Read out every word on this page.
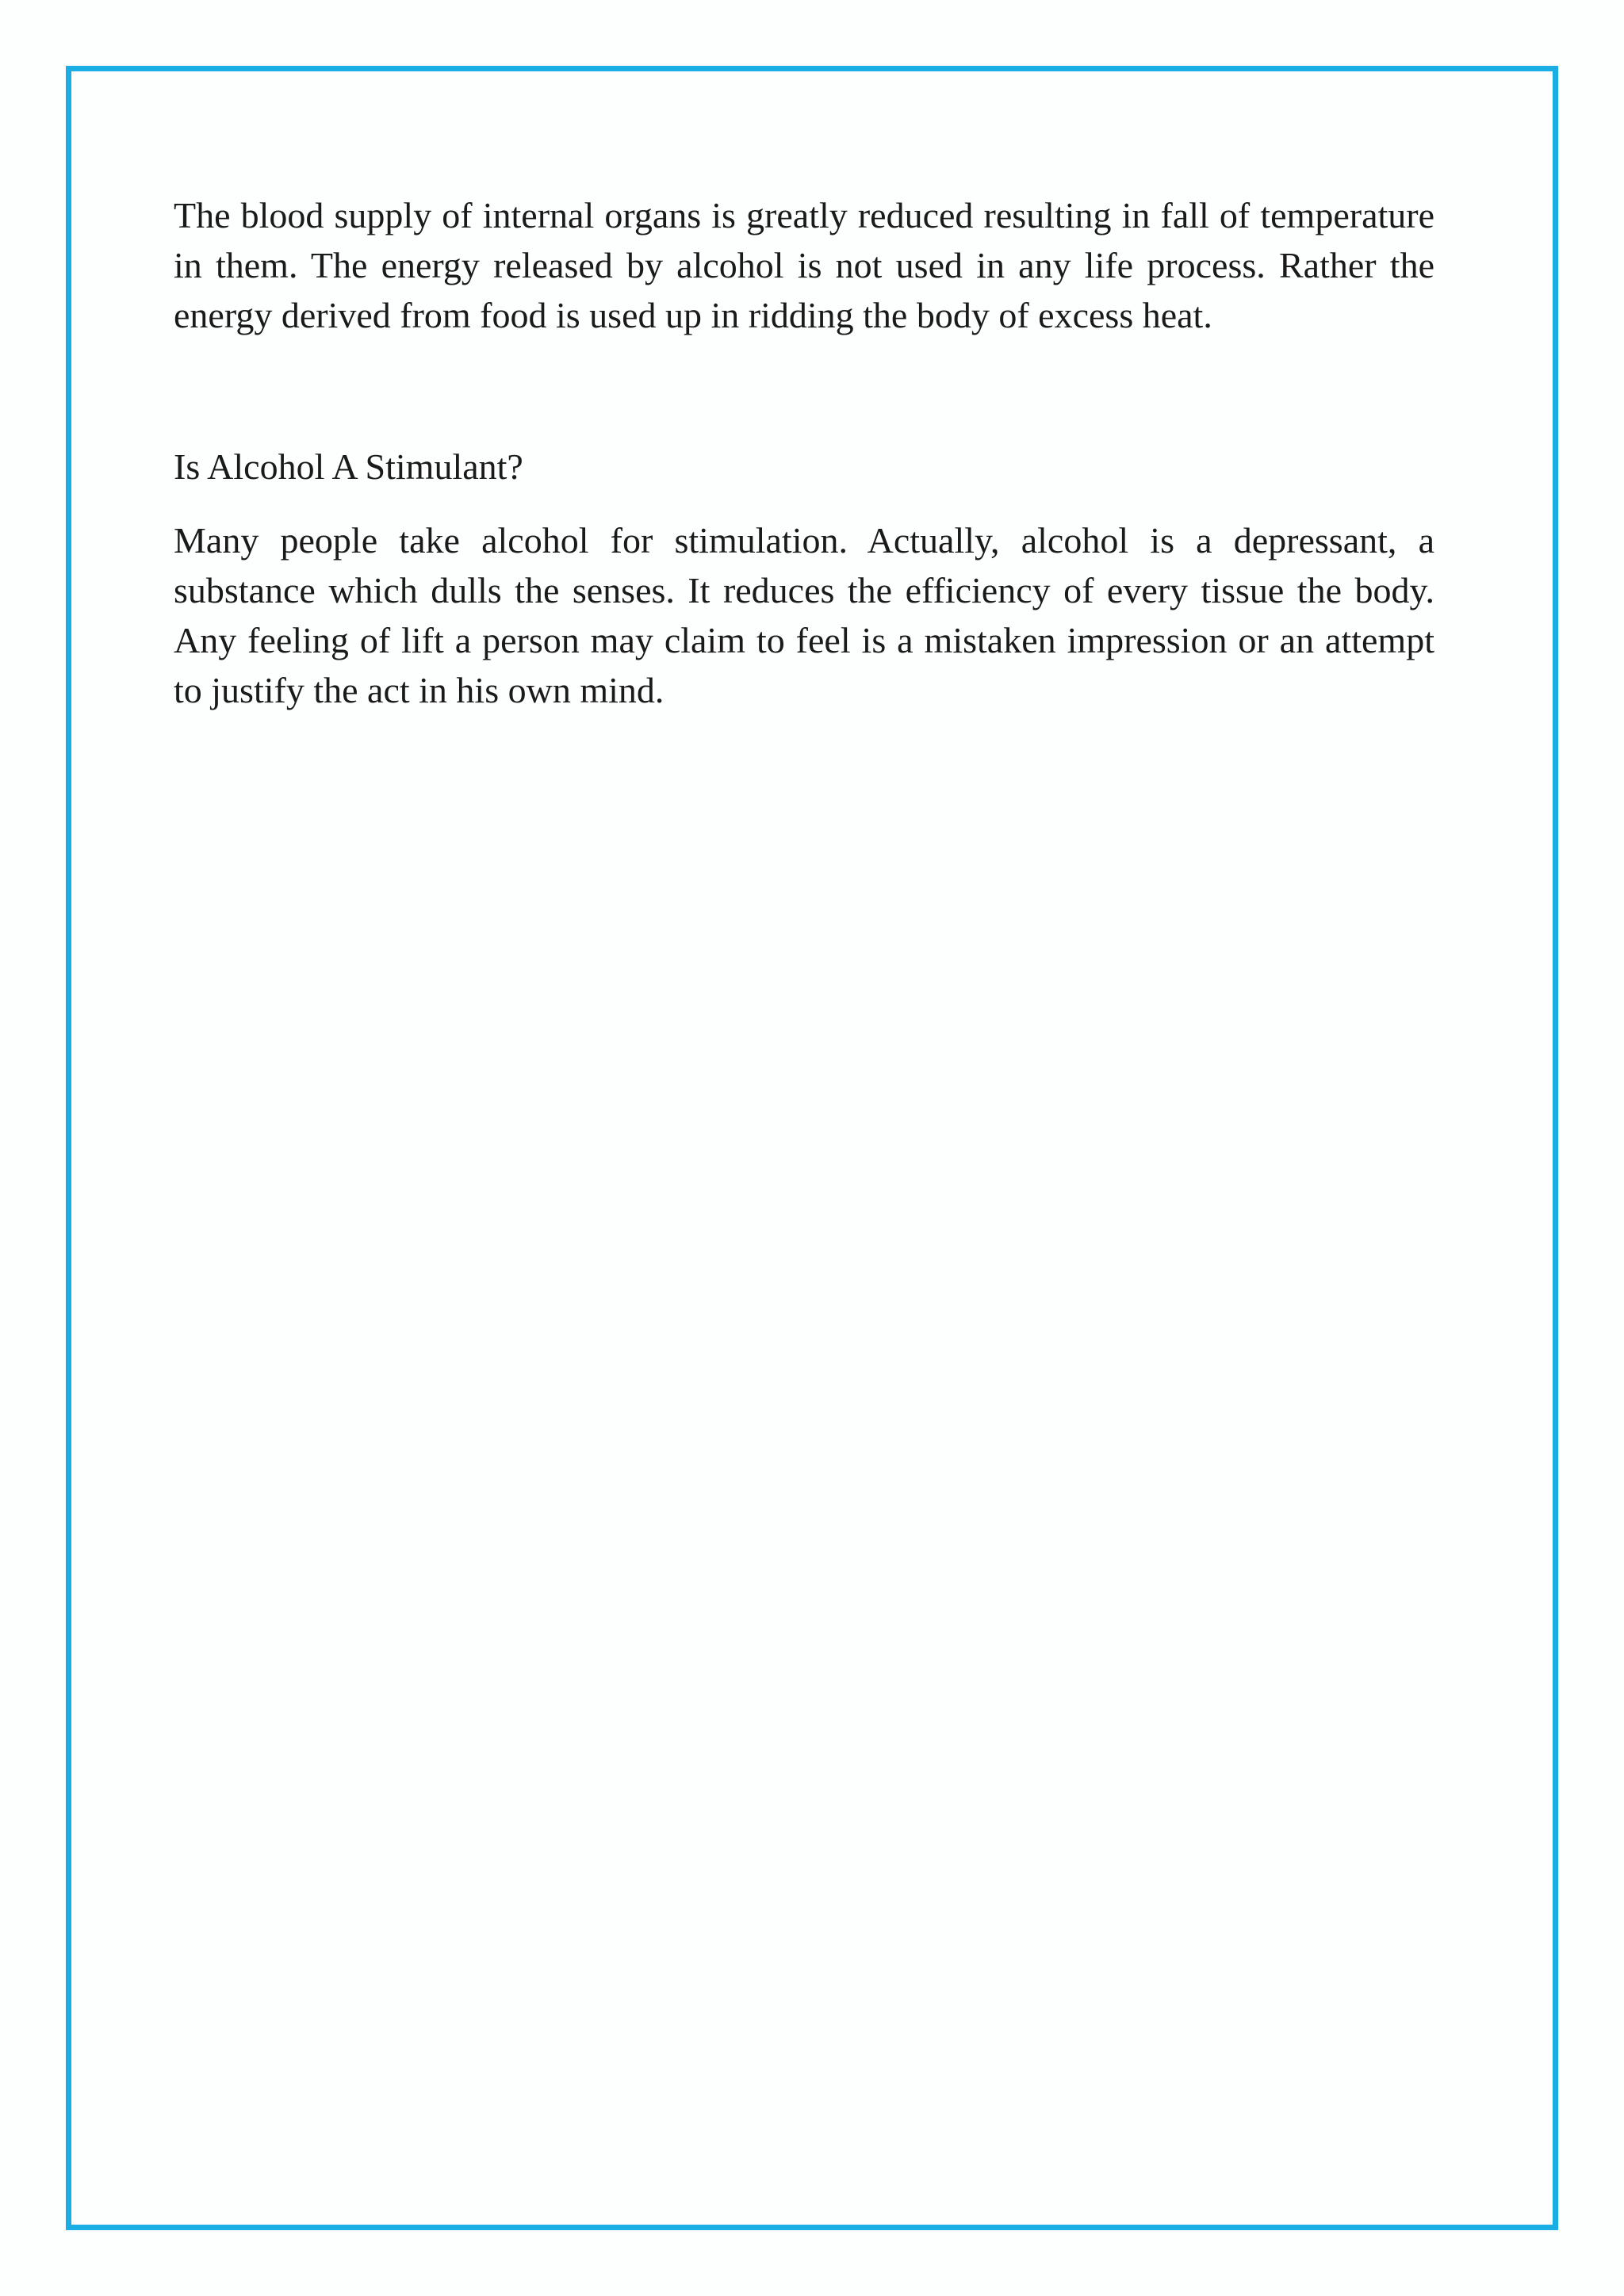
The blood supply of internal organs is greatly reduced resulting in fall of temperature in them. The energy released by alcohol is not used in any life process. Rather the energy derived from food is used up in ridding the body of excess heat.

Is Alcohol A Stimulant?

Many people take alcohol for stimulation. Actually, alcohol is a depressant, a substance which dulls the senses. It reduces the efficiency of every tissue the body. Any feeling of lift a person may claim to feel is a mistaken impression or an attempt to justify the act in his own mind.
